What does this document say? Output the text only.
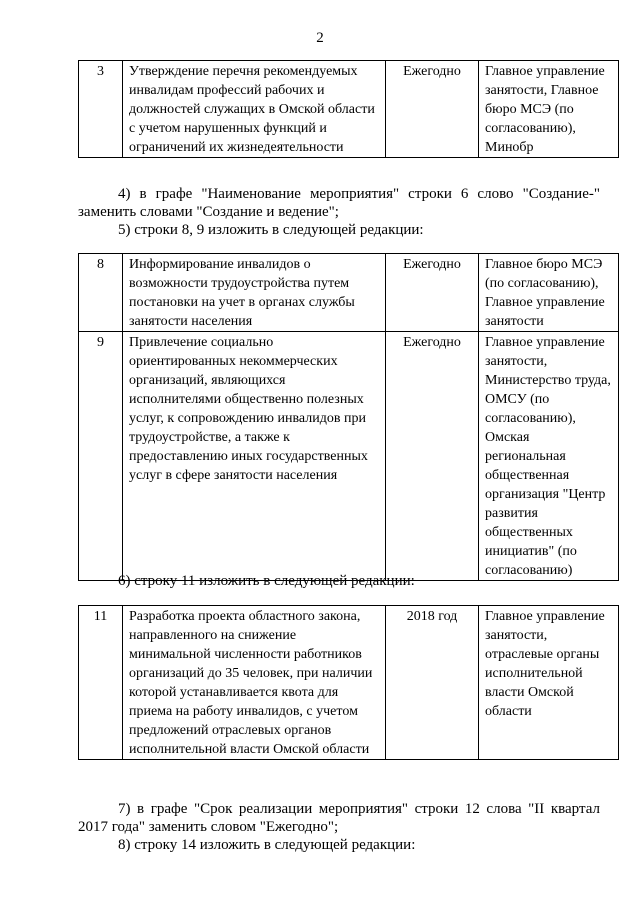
2
3	Утверждение перечня рекомендуемых инвалидам профессий рабочих и должностей служащих в Омской области с учетом нарушенных функций и ограничений их жизнедеятельности	Ежегодно	Главное управление занятости, Главное бюро МСЭ (по согласованию), Минобр
4) в графе "Наименование мероприятия" строки 6 слово "Создание-"
заменить словами "Создание и ведение";
5) строки 8, 9 изложить в следующей редакции:
8	Информирование инвалидов о возможности трудоустройства путем постановки на учет в органах службы занятости населения	Ежегодно	Главное бюро МСЭ (по согласованию), Главное управление занятости
9	Привлечение социально ориентированных некоммерческих организаций, являющихся исполнителями общественно полезных услуг, к сопровождению инвалидов при трудоустройстве, а также к предоставлению иных государственных услуг в сфере занятости населения	Ежегодно	Главное управление занятости, Министерство труда, ОМСУ (по согласованию), Омская региональная общественная организация "Центр развития общественных инициатив" (по согласованию)
6) строку 11 изложить в следующей редакции:
11	Разработка проекта областного закона, направленного на снижение минимальной численности работников организаций до 35 человек, при наличии которой устанавливается квота для приема на работу инвалидов, с учетом предложений отраслевых органов исполнительной власти Омской области	2018 год	Главное управление занятости, отраслевые органы исполнительной власти Омской области
7) в графе "Срок реализации мероприятия" строки 12 слова "II квартал
2017 года" заменить словом "Ежегодно";
8) строку 14 изложить в следующей редакции:
